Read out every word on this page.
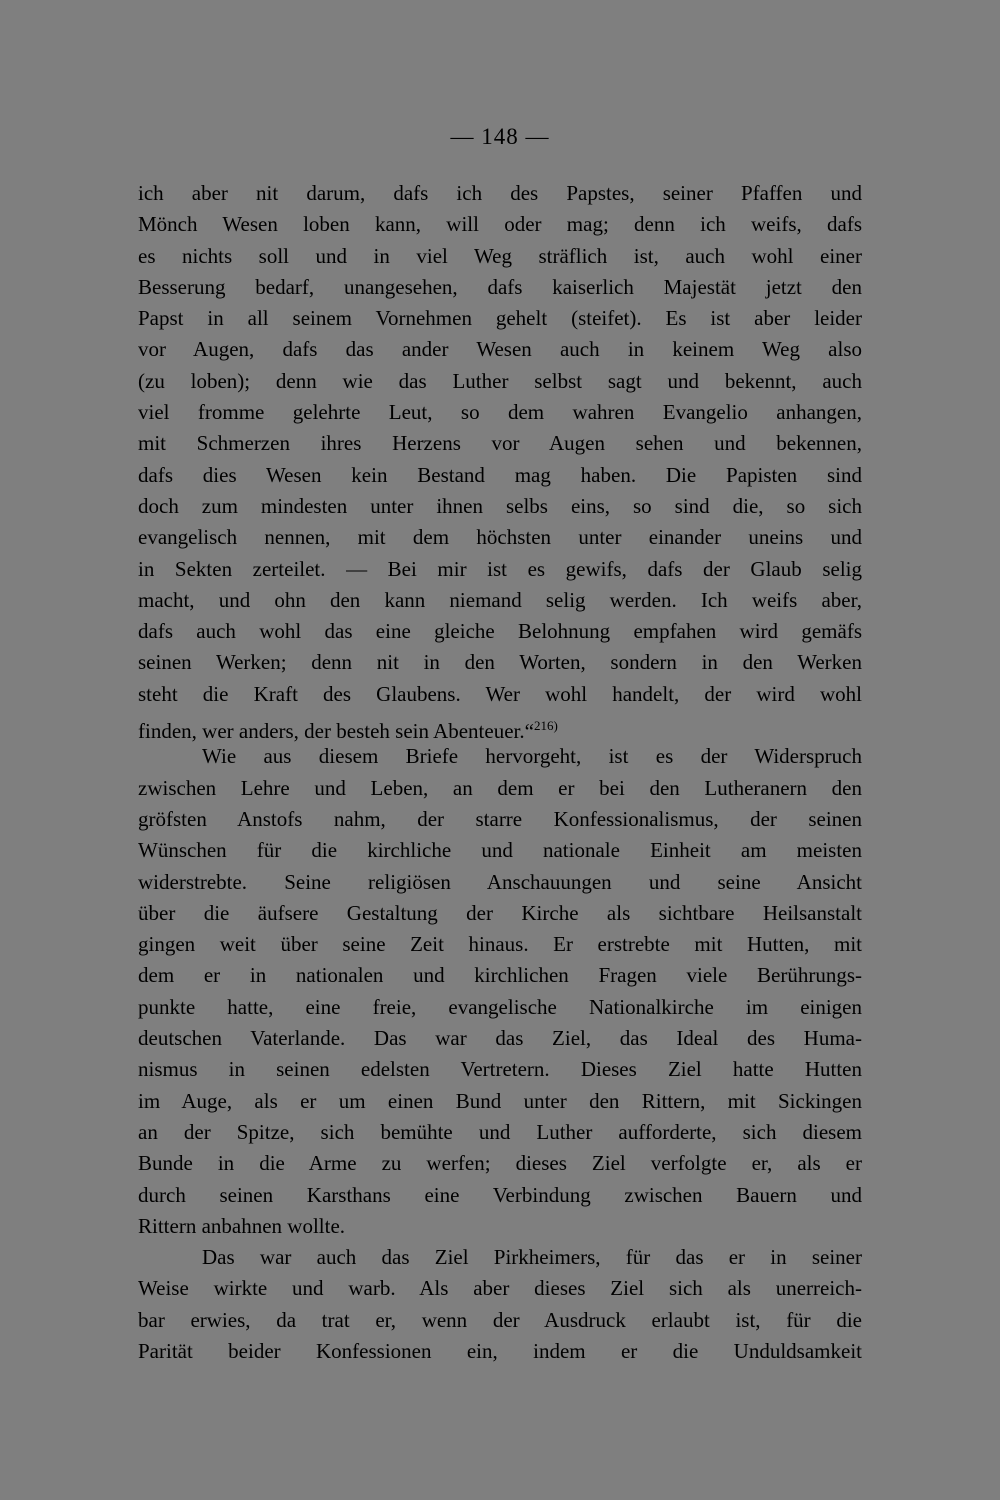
— 148 —
ich aber nit darum, dafs ich des Papstes, seiner Pfaffen und
Mönch Wesen loben kann, will oder mag; denn ich weifs, dafs
es nichts soll und in viel Weg sträflich ist, auch wohl einer
Besserung bedarf, unangesehen, dafs kaiserlich Majestät jetzt den
Papst in all seinem Vornehmen gehelt (steifet). Es ist aber leider
vor Augen, dafs das ander Wesen auch in keinem Weg also
(zu loben); denn wie das Luther selbst sagt und bekennt, auch
viel fromme gelehrte Leut, so dem wahren Evangelio anhangen,
mit Schmerzen ihres Herzens vor Augen sehen und bekennen,
dafs dies Wesen kein Bestand mag haben. Die Papisten sind
doch zum mindesten unter ihnen selbs eins, so sind die, so sich
evangelisch nennen, mit dem höchsten unter einander uneins und
in Sekten zerteilet. — Bei mir ist es gewifs, dafs der Glaub selig
macht, und ohn den kann niemand selig werden. Ich weifs aber,
dafs auch wohl das eine gleiche Belohnung empfahen wird gemäfs
seinen Werken; denn nit in den Worten, sondern in den Werken
steht die Kraft des Glaubens. Wer wohl handelt, der wird wohl
finden, wer anders, der besteh sein Abenteuer.“$^{216)}$
Wie aus diesem Briefe hervorgeht, ist es der Widerspruch
zwischen Lehre und Leben, an dem er bei den Lutheranern den
gröfsten Anstofs nahm, der starre Konfessionalismus, der seinen
Wünschen für die kirchliche und nationale Einheit am meisten
widerstrebte. Seine religiösen Anschauungen und seine Ansicht
über die äufsere Gestaltung der Kirche als sichtbare Heilsanstalt
gingen weit über seine Zeit hinaus. Er erstrebte mit Hutten, mit
dem er in nationalen und kirchlichen Fragen viele Berührungs-
punkte hatte, eine freie, evangelische Nationalkirche im einigen
deutschen Vaterlande. Das war das Ziel, das Ideal des Huma-
nismus in seinen edelsten Vertretern. Dieses Ziel hatte Hutten
im Auge, als er um einen Bund unter den Rittern, mit Sickingen
an der Spitze, sich bemühte und Luther aufforderte, sich diesem
Bunde in die Arme zu werfen; dieses Ziel verfolgte er, als er
durch seinen Karsthans eine Verbindung zwischen Bauern und
Rittern anbahnen wollte.
Das war auch das Ziel Pirkheimers, für das er in seiner
Weise wirkte und warb. Als aber dieses Ziel sich als unerreich-
bar erwies, da trat er, wenn der Ausdruck erlaubt ist, für die
Parität beider Konfessionen ein, indem er die Unduldsamkeit
